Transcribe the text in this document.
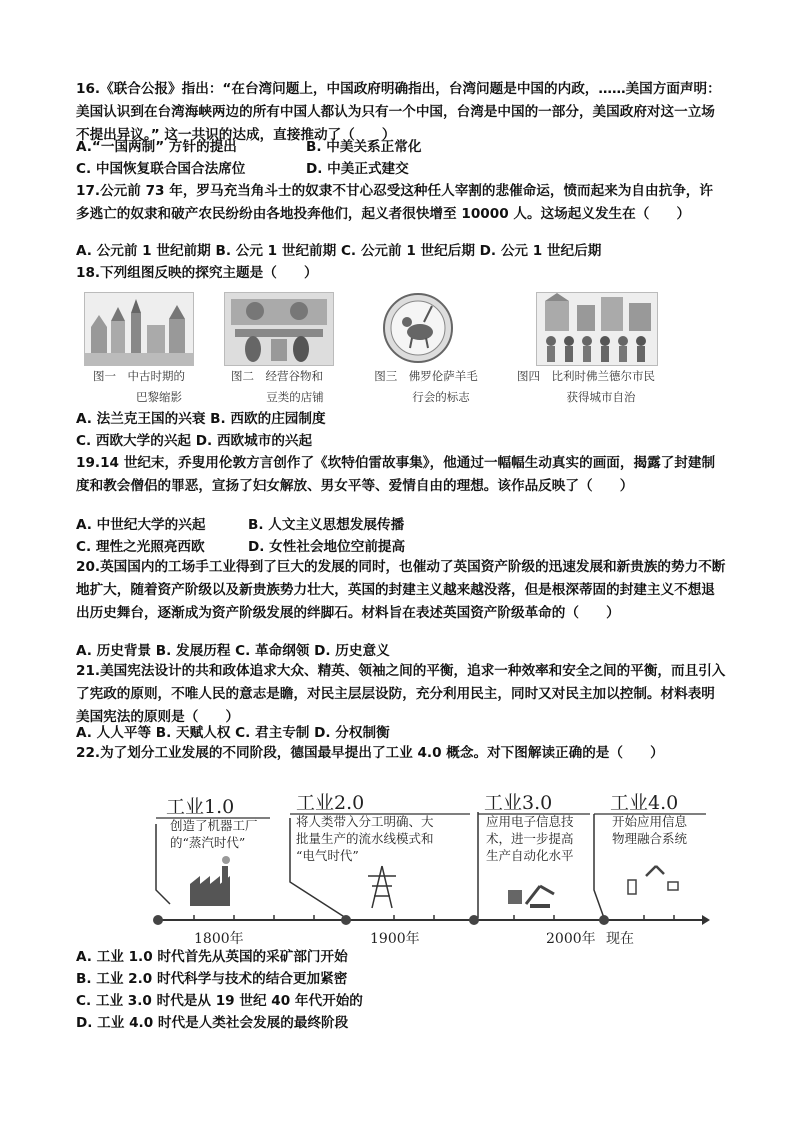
16.《联合公报》指出：“在台湾问题上，中国政府明确指出，台湾问题是中国的内政，……美国方面声明：美国认识到在台湾海峡两边的所有中国人都认为只有一个中国，台湾是中国的一部分，美国政府对这一立场不提出异议。” 这一共识的达成，直接推动了（　　）
A.“一国两制” 方针的提出	B. 中美关系正常化
C. 中国恢复联合国合法席位	D. 中美正式建交
17.公元前 73 年，罗马充当角斗士的奴隶不甘心忍受这种任人宰割的悲催命运，愤而起来为自由抗争，许多逃亡的奴隶和破产农民纷纷由各地投奔他们，起义者很快增至 10000 人。这场起义发生在（　　）
A. 公元前 1 世纪前期 B. 公元 1 世纪前期 C. 公元前 1 世纪后期 D. 公元 1 世纪后期
18.下列组图反映的探究主题是（　　）
图一　中古时期的
巴黎缩影
图二　经营谷物和
豆类的店铺
图三　佛罗伦萨羊毛
行会的标志
图四　比利时佛兰德尔市民
获得城市自治
A. 法兰克王国的兴衰 B. 西欧的庄园制度
C. 西欧大学的兴起 D. 西欧城市的兴起
19.14 世纪末，乔叟用伦敦方言创作了《坎特伯雷故事集》，他通过一幅幅生动真实的画面，揭露了封建制度和教会僧侣的罪恶，宣扬了妇女解放、男女平等、爱情自由的理想。该作品反映了（　　）
A. 中世纪大学的兴起	B. 人文主义思想发展传播
C. 理性之光照亮西欧	D. 女性社会地位空前提高
20.英国国内的工场手工业得到了巨大的发展的同时，也催动了英国资产阶级的迅速发展和新贵族的势力不断地扩大，随着资产阶级以及新贵族势力壮大，英国的封建主义越来越没落，但是根深蒂固的封建主义不想退出历史舞台，逐渐成为资产阶级发展的绊脚石。材料旨在表述英国资产阶级革命的（　　）
A. 历史背景 B. 发展历程 C. 革命纲领 D. 历史意义
21.美国宪法设计的共和政体追求大众、精英、领袖之间的平衡，追求一种效率和安全之间的平衡，而且引入了宪政的原则，不唯人民的意志是瞻，对民主层层设防，充分利用民主，同时又对民主加以控制。材料表明美国宪法的原则是（　　）
A. 人人平等 B. 天赋人权 C. 君主专制 D. 分权制衡
22.为了划分工业发展的不同阶段，德国最早提出了工业 4.0 概念。对下图解读正确的是（　　）
工业1.0
创造了机器工厂
的“蒸汽时代”
工业2.0
将人类带入分工明确、大
批量生产的流水线模式和
“电气时代”
工业3.0
应用电子信息技
术，进一步提高
生产自动化水平
工业4.0
开始应用信息
物理融合系统
1800年	1900年	2000年 现在
A. 工业 1.0 时代首先从英国的采矿部门开始
B. 工业 2.0 时代科学与技术的结合更加紧密
C. 工业 3.0 时代是从 19 世纪 40 年代开始的
D. 工业 4.0 时代是人类社会发展的最终阶段
